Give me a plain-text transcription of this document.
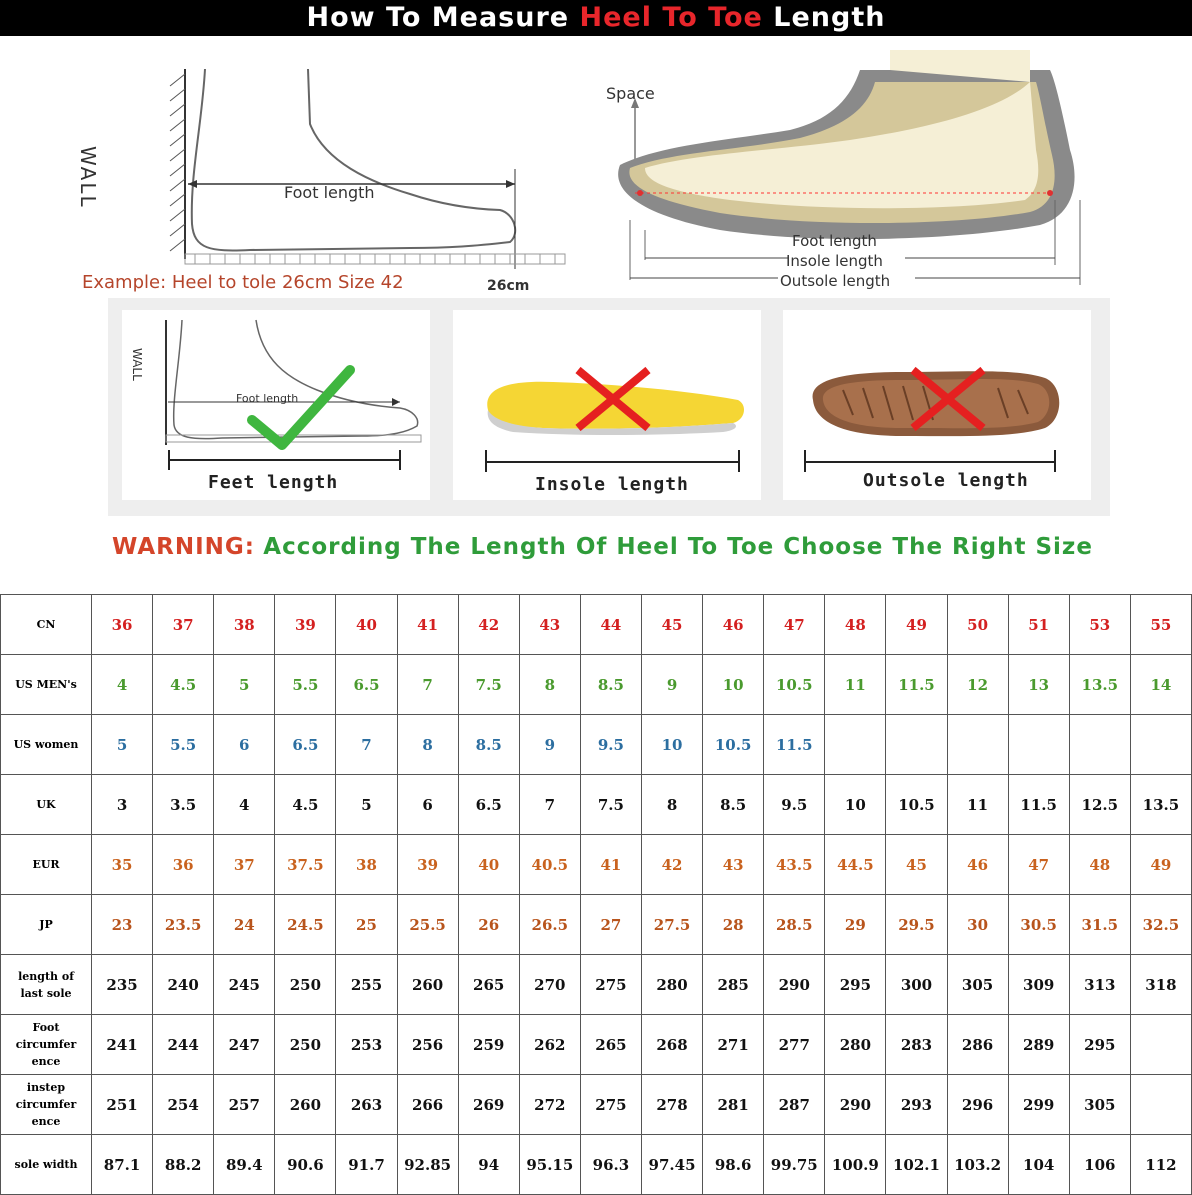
How To Measure Heel To Toe Length
WALL	Foot length
Example: Heel to tole 26cm Size 42	26cm
Space
Foot length
Insole length
Outsole length
WALL
Foot length
Feet length	Insole length	Outsole length
WARNING: According The Length Of Heel To Toe Choose The Right Size
CN	36	37	38	39	40	41	42	43	44	45	46	47	48	49	50	51	53	55
US MEN's	4	4.5	5	5.5	6.5	7	7.5	8	8.5	9	10	10.5	11	11.5	12	13	13.5	14
US women	5	5.5	6	6.5	7	8	8.5	9	9.5	10	10.5	11.5						
UK	3	3.5	4	4.5	5	6	6.5	7	7.5	8	8.5	9.5	10	10.5	11	11.5	12.5	13.5
EUR	35	36	37	37.5	38	39	40	40.5	41	42	43	43.5	44.5	45	46	47	48	49
JP	23	23.5	24	24.5	25	25.5	26	26.5	27	27.5	28	28.5	29	29.5	30	30.5	31.5	32.5
length of
last sole	235	240	245	250	255	260	265	270	275	280	285	290	295	300	305	309	313	318
Foot
circumfer
ence	241	244	247	250	253	256	259	262	265	268	271	277	280	283	286	289	295	
instep
circumfer
ence	251	254	257	260	263	266	269	272	275	278	281	287	290	293	296	299	305	
sole width	87.1	88.2	89.4	90.6	91.7	92.85	94	95.15	96.3	97.45	98.6	99.75	100.9	102.1	103.2	104	106	112
